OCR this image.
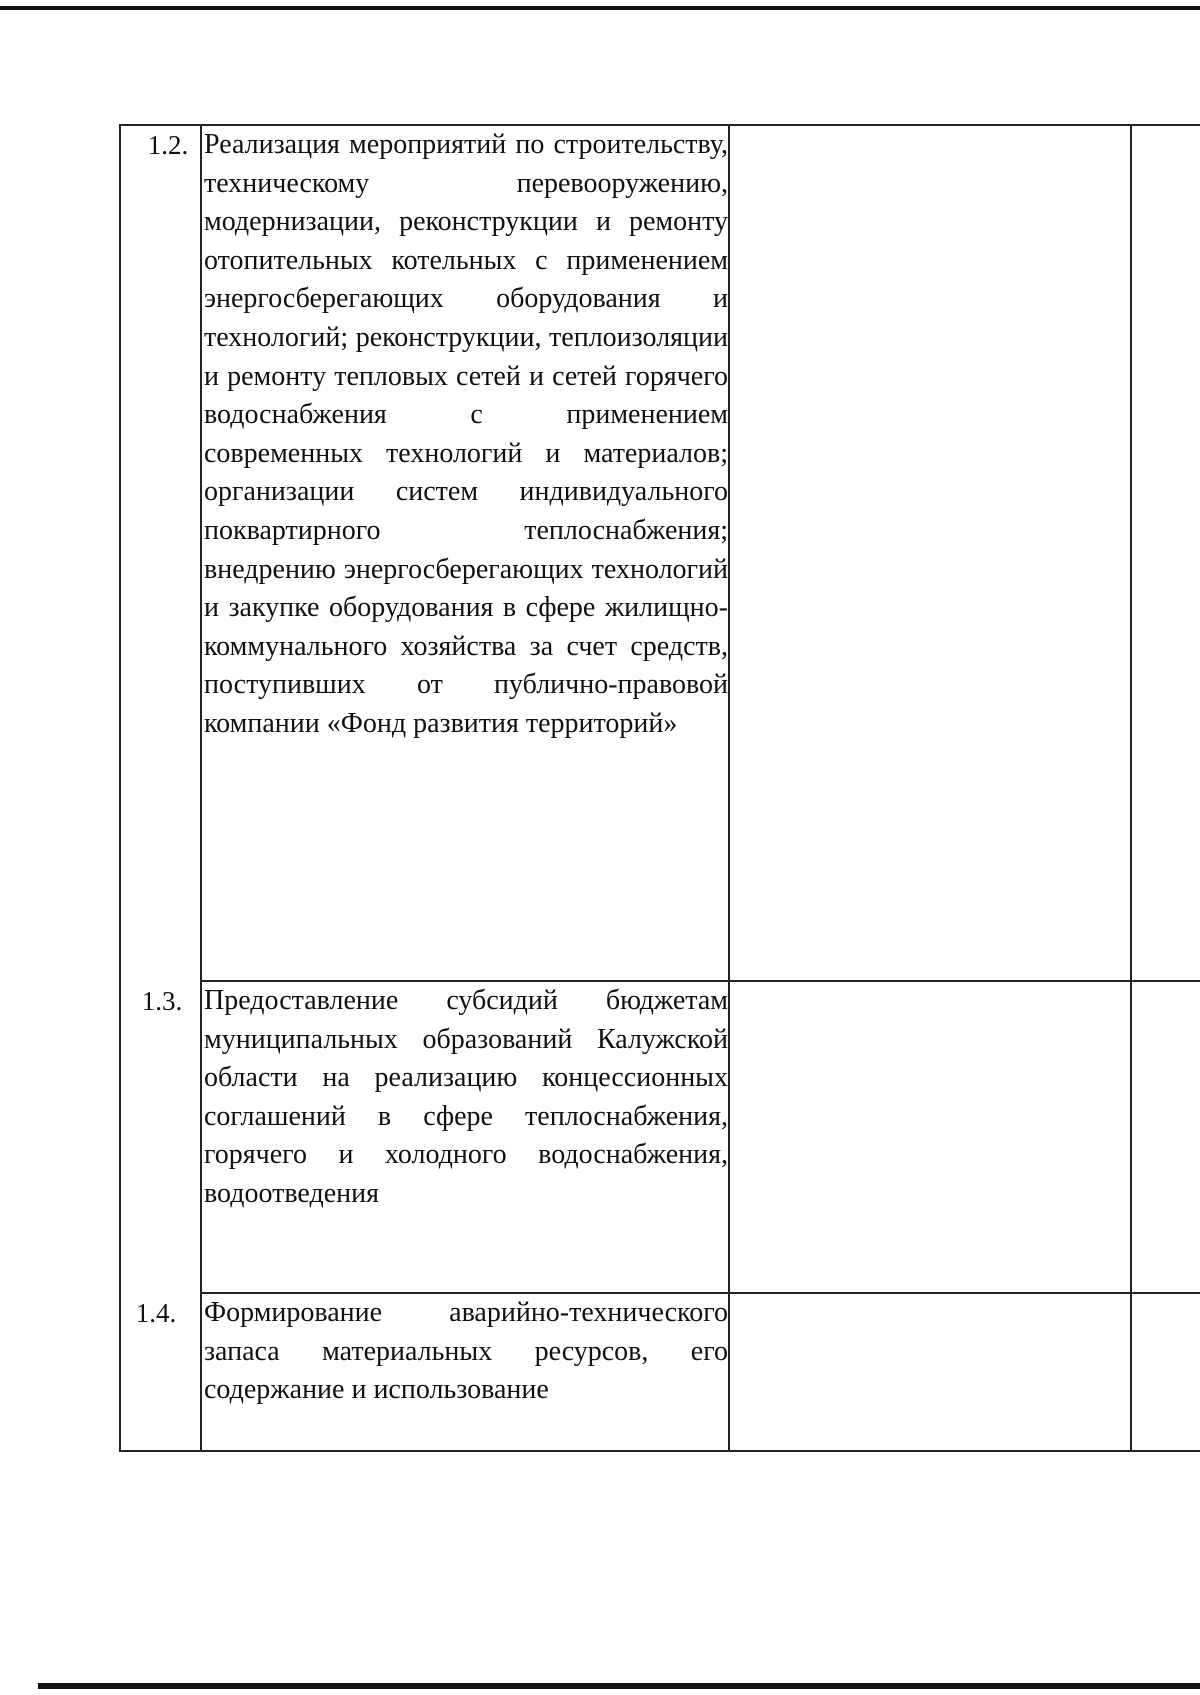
1.2. Реализация мероприятий по строительству, техническому перевооружению, модернизации, реконструкции и ремонту отопительных котельных с применением энергосберегающих оборудования и технологий; реконструкции, теплоизоляции и ремонту тепловых сетей и сетей горячего водоснабжения с применением современных технологий и материалов; организации систем индивидуального поквартирного теплоснабжения; внедрению энергосберегающих технологий и закупке оборудования в сфере жилищно-коммунального хозяйства за счет средств, поступивших от публично-правовой компании «Фонд развития территорий»
1.3. Предоставление субсидий бюджетам муниципальных образований Калужской области на реализацию концессионных соглашений в сфере теплоснабжения, горячего и холодного водоснабжения, водоотведения
1.4. Формирование аварийно-технического запаса материальных ресурсов, его содержание и использование
